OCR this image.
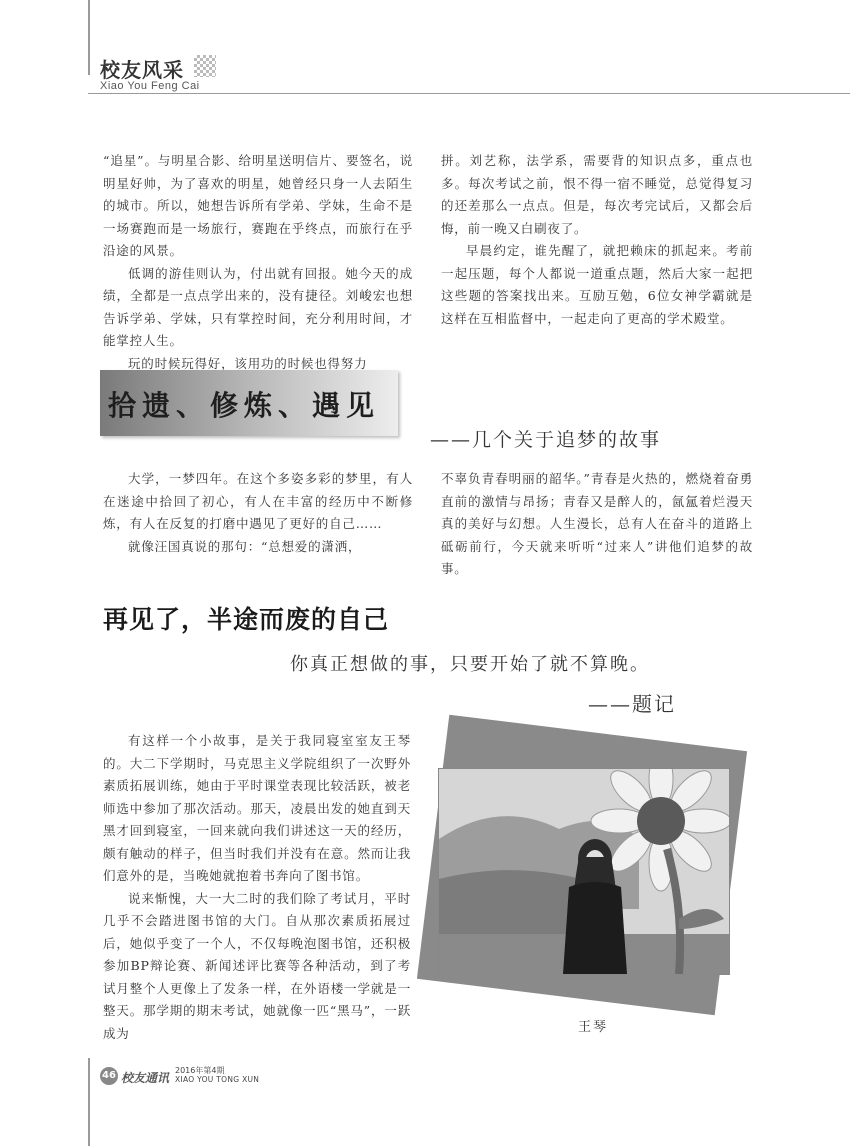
校友风采
Xiao You Feng Cai

“追星”。与明星合影、给明星送明信片、要签名，说明星好帅，为了喜欢的明星，她曾经只身一人去陌生的城市。所以，她想告诉所有学弟、学妹，生命不是一场赛跑而是一场旅行，赛跑在乎终点，而旅行在乎沿途的风景。

低调的游佳则认为，付出就有回报。她今天的成绩，全都是一点点学出来的，没有捷径。刘峻宏也想告诉学弟、学妹，只有掌控时间，充分利用时间，才能掌控人生。

玩的时候玩得好，该用功的时候也得努力

拼。刘艺称，法学系，需要背的知识点多，重点也多。每次考试之前，恨不得一宿不睡觉，总觉得复习的还差那么一点点。但是，每次考完试后，又都会后悔，前一晚又白刷夜了。

早晨约定，谁先醒了，就把赖床的抓起来。考前一起压题，每个人都说一道重点题，然后大家一起把这些题的答案找出来。互励互勉，6位女神学霸就是这样在互相监督中，一起走向了更高的学术殿堂。

拾遗、修炼、遇见
——几个关于追梦的故事

大学，一梦四年。在这个多姿多彩的梦里，有人在迷途中拾回了初心，有人在丰富的经历中不断修炼，有人在反复的打磨中遇见了更好的自己……

就像汪国真说的那句：“总想爱的潇洒，

不辜负青春明丽的韶华。”青春是火热的，燃烧着奋勇直前的激情与昂扬；青春又是醉人的，氤氲着烂漫天真的美好与幻想。人生漫长，总有人在奋斗的道路上砥砺前行，今天就来听听“过来人”讲他们追梦的故事。

再见了，半途而废的自己
你真正想做的事，只要开始了就不算晚。
——题记

有这样一个小故事，是关于我同寝室室友王琴的。大二下学期时，马克思主义学院组织了一次野外素质拓展训练，她由于平时课堂表现比较活跃，被老师选中参加了那次活动。那天，凌晨出发的她直到天黑才回到寝室，一回来就向我们讲述这一天的经历，颇有触动的样子，但当时我们并没有在意。然而让我们意外的是，当晚她就抱着书奔向了图书馆。

说来惭愧，大一大二时的我们除了考试月，平时几乎不会踏进图书馆的大门。自从那次素质拓展过后，她似乎变了一个人，不仅每晚泡图书馆，还积极参加BP辩论赛、新闻述评比赛等各种活动，到了考试月整个人更像上了发条一样，在外语楼一学就是一整天。那学期的期末考试，她就像一匹“黑马”，一跃成为	王琴
46 校友通讯
2016年第4期
XIAO YOU TONG XUN
